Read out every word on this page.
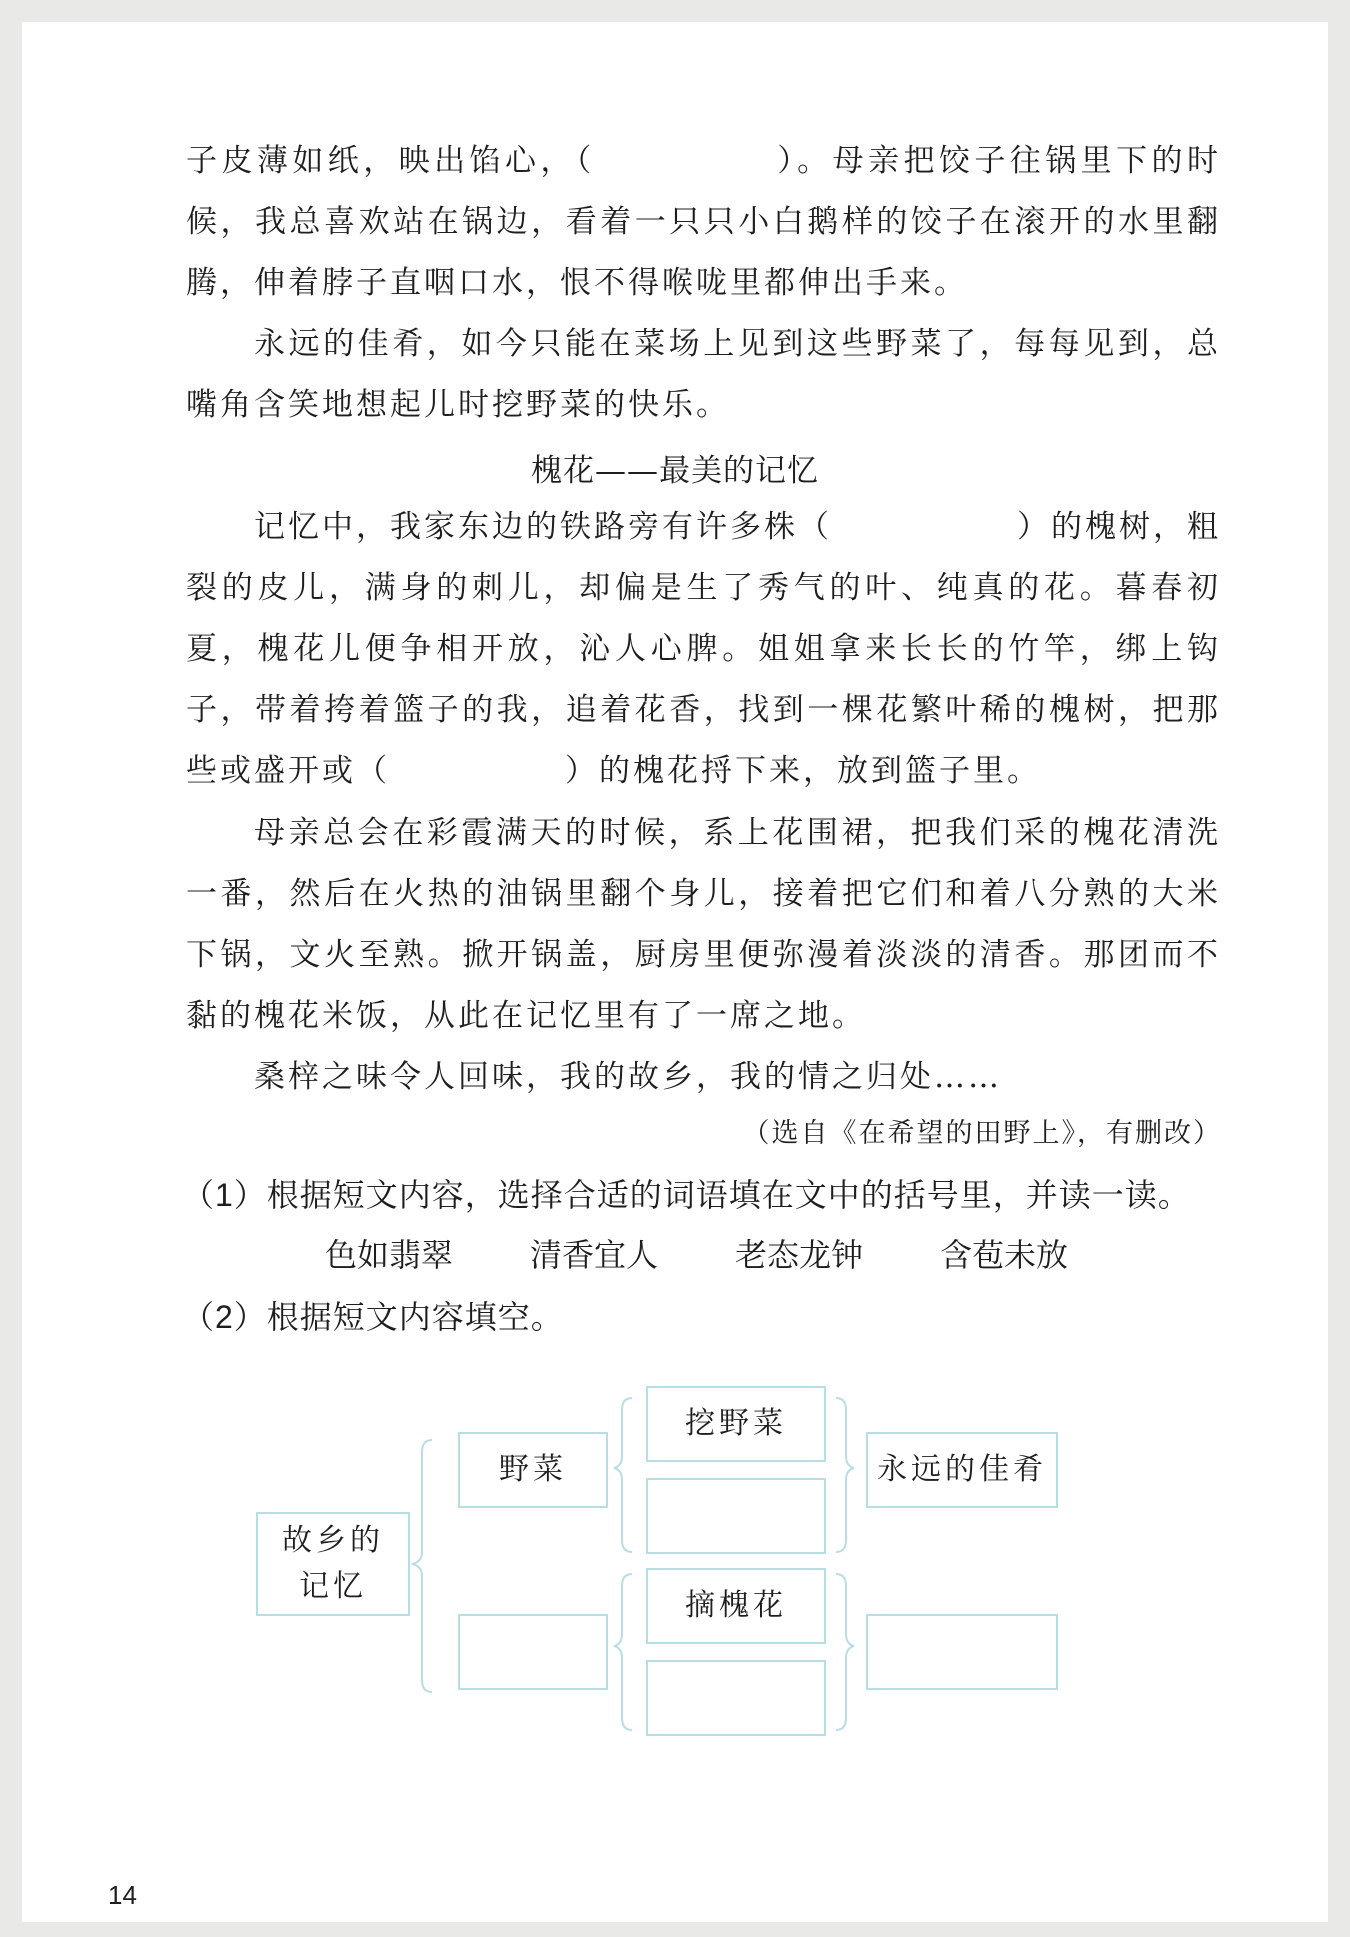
子皮薄如纸，映出馅心，（	）。母亲把饺子往锅里下的时候，我总喜欢站在锅边，看着一只只小白鹅样的饺子在滚开的水里翻腾，伸着脖子直咽口水，恨不得喉咙里都伸出手来。

永远的佳肴，如今只能在菜场上见到这些野菜了，每每见到，总嘴角含笑地想起儿时挖野菜的快乐。

槐花——最美的记忆

记忆中，我家东边的铁路旁有许多株（	）的槐树，粗裂的皮儿，满身的刺儿，却偏是生了秀气的叶、纯真的花。暮春初夏，槐花儿便争相开放，沁人心脾。姐姐拿来长长的竹竿，绑上钩子，带着挎着篮子的我，追着花香，找到一棵花繁叶稀的槐树，把那些或盛开或（	）的槐花捋下来，放到篮子里。

母亲总会在彩霞满天的时候，系上花围裙，把我们采的槐花清洗一番，然后在火热的油锅里翻个身儿，接着把它们和着八分熟的大米下锅，文火至熟。掀开锅盖，厨房里便弥漫着淡淡的清香。那团而不黏的槐花米饭，从此在记忆里有了一席之地。

桑梓之味令人回味，我的故乡，我的情之归处……

（选自《在希望的田野上》，有删改）
（1）根据短文内容，选择合适的词语填在文中的括号里，并读一读。
色如翡翠 清香宜人 老态龙钟 含苞未放
（2）根据短文内容填空。
故乡的记忆
野菜
挖野菜
摘槐花
永远的佳肴
14
